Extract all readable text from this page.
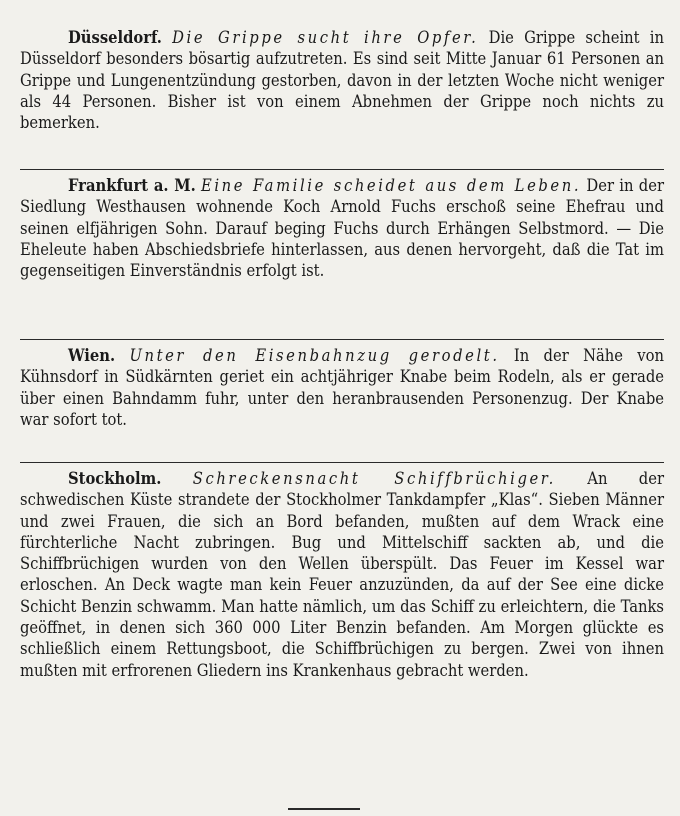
Düsseldorf. Die Grippe sucht ihre Opfer. Die Grippe scheint in Düsseldorf besonders bösartig aufzutreten. Es sind seit Mitte Januar 61 Personen an Grippe und Lungenentzündung gestorben, davon in der letzten Woche nicht weniger als 44 Personen. Bisher ist von einem Abnehmen der Grippe noch nichts zu bemerken.

Frankfurt a. M. Eine Familie scheidet aus dem Leben. Der in der Siedlung Westhausen wohnende Koch Arnold Fuchs erschoß seine Ehefrau und seinen elfjährigen Sohn. Darauf beging Fuchs durch Erhängen Selbstmord. — Die Eheleute haben Abschiedsbriefe hinterlassen, aus denen hervorgeht, daß die Tat im gegenseitigen Einverständnis erfolgt ist.

Wien. Unter den Eisenbahnzug gerodelt. In der Nähe von Kühnsdorf in Südkärnten geriet ein achtjähriger Knabe beim Rodeln, als er gerade über einen Bahndamm fuhr, unter den heranbrausenden Personenzug. Der Knabe war sofort tot.

Stockholm. Schreckensnacht Schiffbrüchiger. An der schwedischen Küste strandete der Stockholmer Tankdampfer „Klas“. Sieben Männer und zwei Frauen, die sich an Bord befanden, mußten auf dem Wrack eine fürchterliche Nacht zubringen. Bug und Mittelschiff sackten ab, und die Schiffbrüchigen wurden von den Wellen überspült. Das Feuer im Kessel war erloschen. An Deck wagte man kein Feuer anzuzünden, da auf der See eine dicke Schicht Benzin schwamm. Man hatte nämlich, um das Schiff zu erleichtern, die Tanks geöffnet, in denen sich 360 000 Liter Benzin befanden. Am Morgen glückte es schließlich einem Rettungsboot, die Schiffbrüchigen zu bergen. Zwei von ihnen mußten mit erfrorenen Gliedern ins Krankenhaus gebracht werden.
